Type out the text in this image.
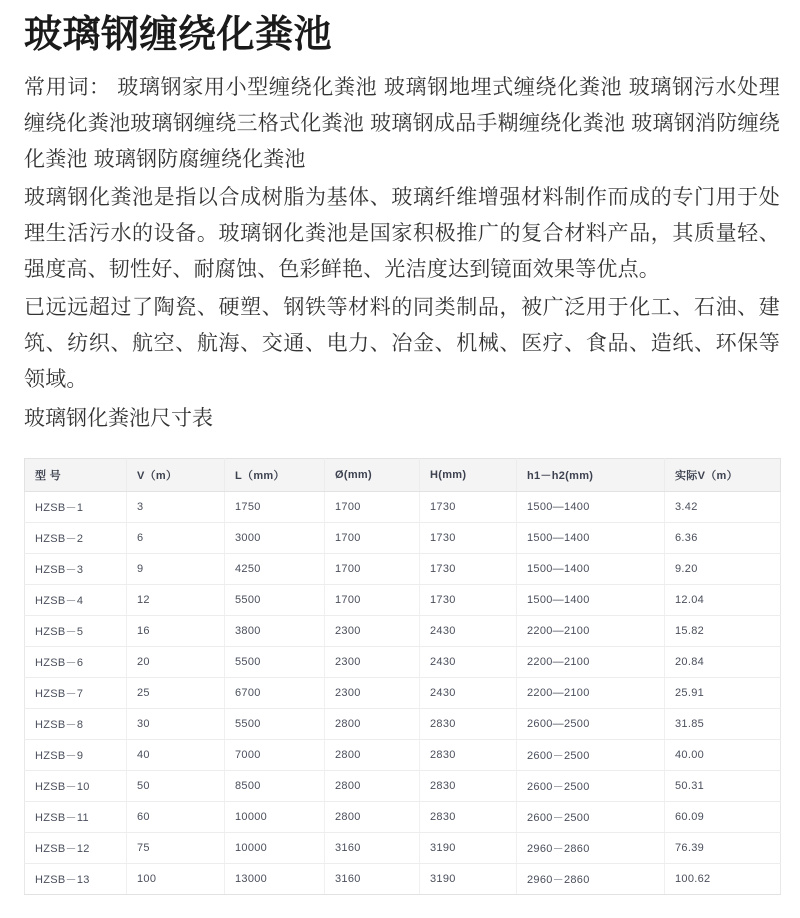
玻璃钢缠绕化粪池

常用词： 玻璃钢家用小型缠绕化粪池 玻璃钢地埋式缠绕化粪池 玻璃钢污水处理缠绕化粪池玻璃钢缠绕三格式化粪池 玻璃钢成品手糊缠绕化粪池 玻璃钢消防缠绕化粪池 玻璃钢防腐缠绕化粪池

玻璃钢化粪池是指以合成树脂为基体、玻璃纤维增强材料制作而成的专门用于处理生活污水的设备。玻璃钢化粪池是国家积极推广的复合材料产品，其质量轻、强度高、韧性好、耐腐蚀、色彩鲜艳、光洁度达到镜面效果等优点。

已远远超过了陶瓷、硬塑、钢铁等材料的同类制品，被广泛用于化工、石油、建筑、纺织、航空、航海、交通、电力、冶金、机械、医疗、食品、造纸、环保等领域。

玻璃钢化粪池尺寸表

型 号	V（m）	L（mm）	Ø(mm)	H(mm)	h1－h2(mm)	实际V（m）
HZSB－1	3	1750	1700	1730	1500—1400	3.42
HZSB－2	6	3000	1700	1730	1500—1400	6.36
HZSB－3	9	4250	1700	1730	1500—1400	9.20
HZSB－4	12	5500	1700	1730	1500—1400	12.04
HZSB－5	16	3800	2300	2430	2200—2100	15.82
HZSB－6	20	5500	2300	2430	2200—2100	20.84
HZSB－7	25	6700	2300	2430	2200—2100	25.91
HZSB－8	30	5500	2800	2830	2600—2500	31.85
HZSB－9	40	7000	2800	2830	2600－2500	40.00
HZSB－10	50	8500	2800	2830	2600－2500	50.31
HZSB－11	60	10000	2800	2830	2600－2500	60.09
HZSB－12	75	10000	3160	3190	2960－2860	76.39
HZSB－13	100	13000	3160	3190	2960－2860	100.62
